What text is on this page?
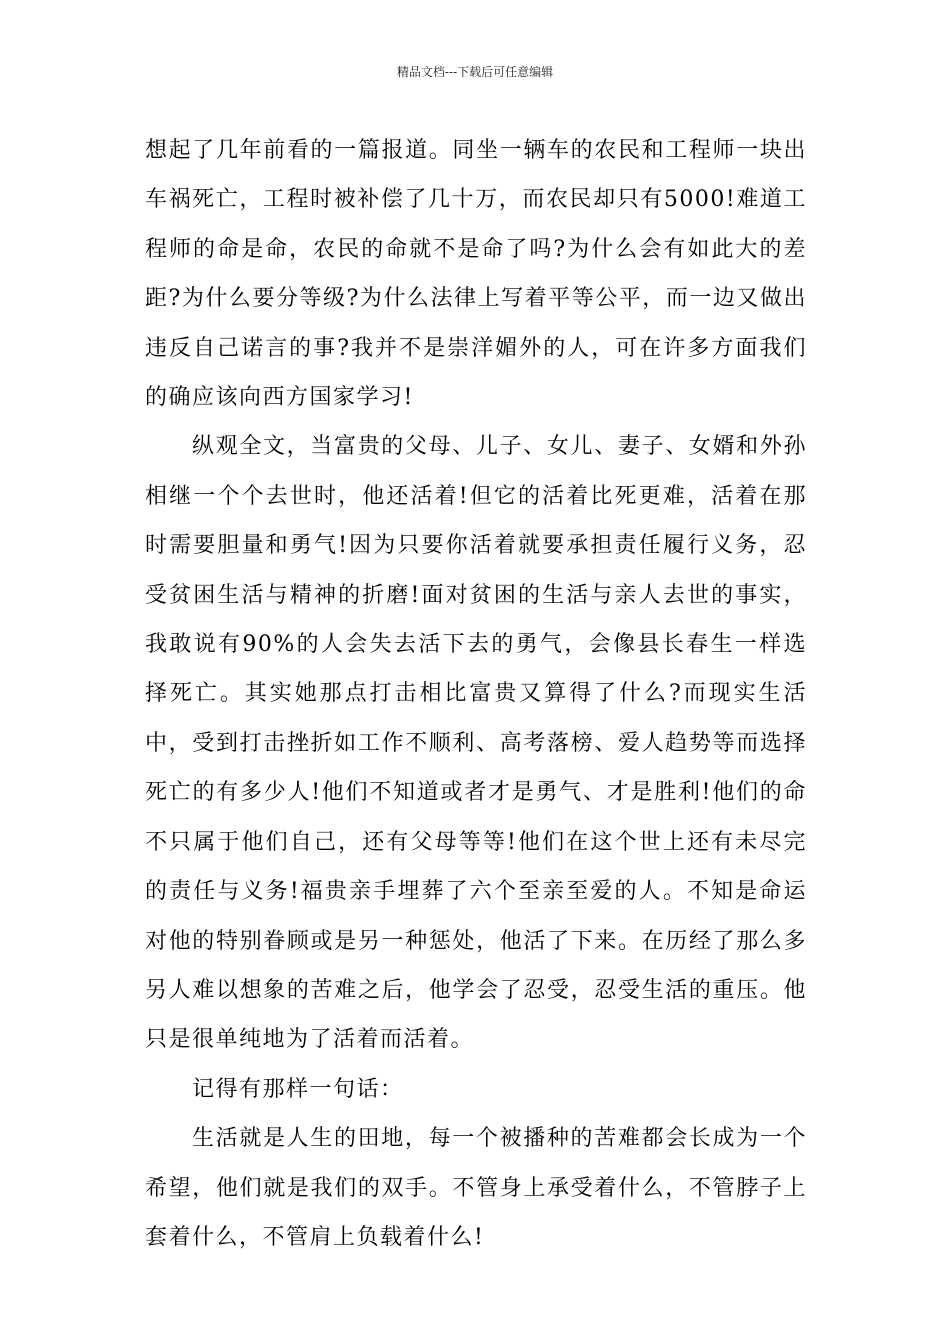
精品文档---下载后可任意编辑

想起了几年前看的一篇报道。同坐一辆车的农民和工程师一块出车祸死亡，工程时被补偿了几十万，而农民却只有5000!难道工程师的命是命，农民的命就不是命了吗?为什么会有如此大的差距?为什么要分等级?为什么法律上写着平等公平，而一边又做出违反自己诺言的事?我并不是崇洋媚外的人，可在许多方面我们的确应该向西方国家学习!

纵观全文，当富贵的父母、儿子、女儿、妻子、女婿和外孙相继一个个去世时，他还活着!但它的活着比死更难，活着在那时需要胆量和勇气!因为只要你活着就要承担责任履行义务，忍受贫困生活与精神的折磨!面对贫困的生活与亲人去世的事实，我敢说有90%的人会失去活下去的勇气，会像县长春生一样选择死亡。其实她那点打击相比富贵又算得了什么?而现实生活中，受到打击挫折如工作不顺利、高考落榜、爱人趋势等而选择死亡的有多少人!他们不知道或者才是勇气、才是胜利!他们的命不只属于他们自己，还有父母等等!他们在这个世上还有未尽完的责任与义务!福贵亲手埋葬了六个至亲至爱的人。不知是命运对他的特别眷顾或是另一种惩处，他活了下来。在历经了那么多另人难以想象的苦难之后，他学会了忍受，忍受生活的重压。他只是很单纯地为了活着而活着。

记得有那样一句话：

生活就是人生的田地，每一个被播种的苦难都会长成为一个希望，他们就是我们的双手。不管身上承受着什么，不管脖子上套着什么，不管肩上负载着什么!
